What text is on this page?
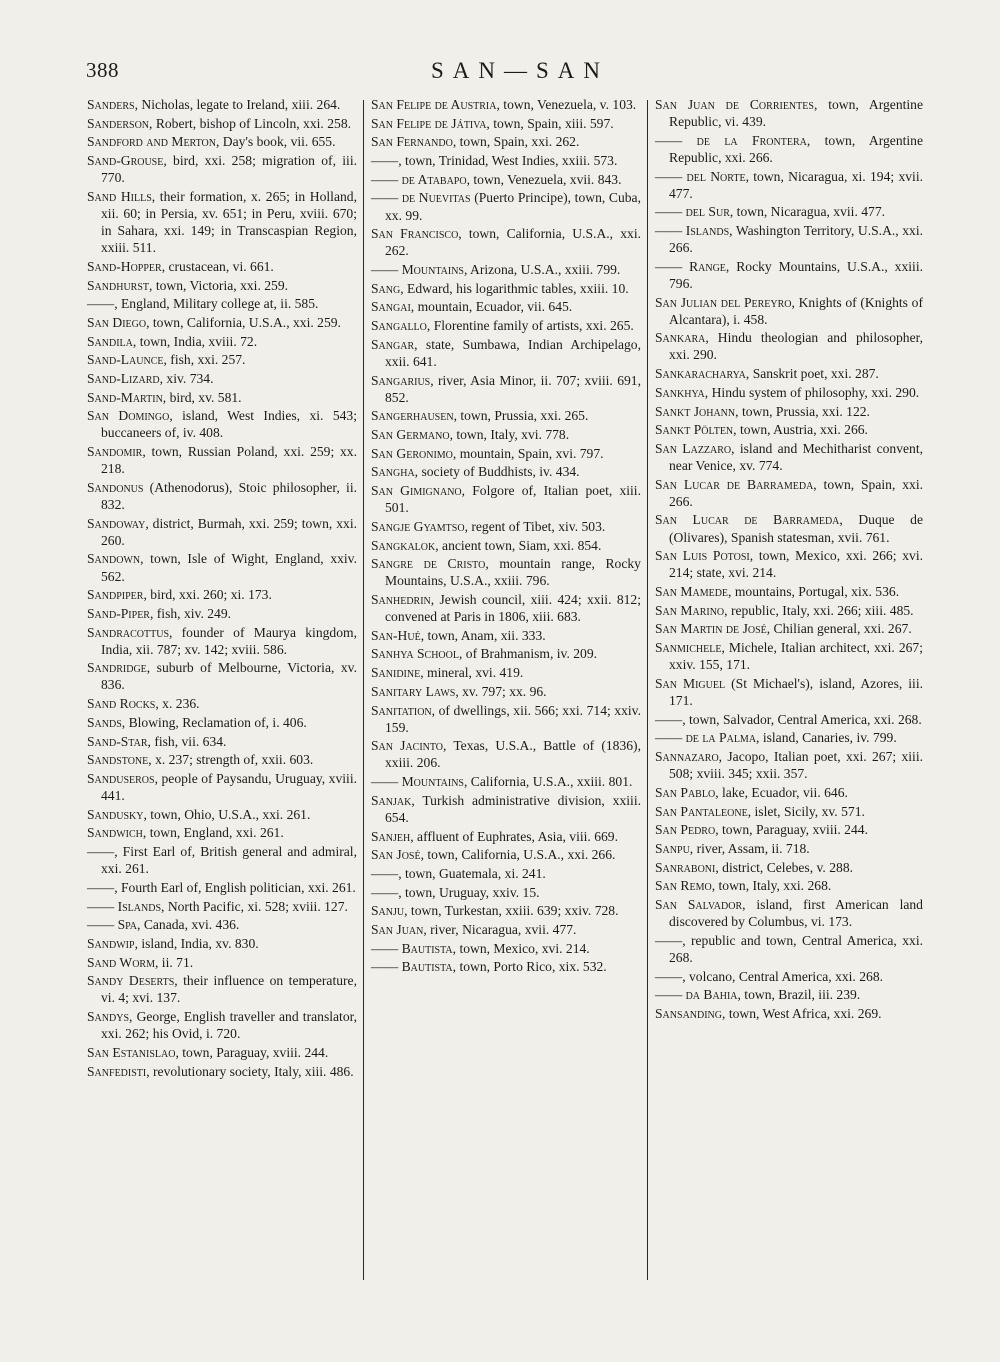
388	SAN—SAN

Sanders, Nicholas, legate to Ireland, xiii. 264.

Sanderson, Robert, bishop of Lincoln, xxi. 258.

Sandford and Merton, Day's book, vii. 655.

Sand-Grouse, bird, xxi. 258; migration of, iii. 770.

Sand Hills, their formation, x. 265; in Holland, xii. 60; in Persia, xv. 651; in Peru, xviii. 670; in Sahara, xxi. 149; in Transcaspian Region, xxiii. 511.

Sand-Hopper, crustacean, vi. 661.

Sandhurst, town, Victoria, xxi. 259.

——, England, Military college at, ii. 585.

San Diego, town, California, U.S.A., xxi. 259.

Sandila, town, India, xviii. 72.

Sand-Launce, fish, xxi. 257.

Sand-Lizard, xiv. 734.

Sand-Martin, bird, xv. 581.

San Domingo, island, West Indies, xi. 543; buccaneers of, iv. 408.

Sandomir, town, Russian Poland, xxi. 259; xx. 218.

Sandonus (Athenodorus), Stoic philosopher, ii. 832.

Sandoway, district, Burmah, xxi. 259; town, xxi. 260.

Sandown, town, Isle of Wight, England, xxiv. 562.

Sandpiper, bird, xxi. 260; xi. 173.

Sand-Piper, fish, xiv. 249.

Sandracottus, founder of Maurya kingdom, India, xii. 787; xv. 142; xviii. 586.

Sandridge, suburb of Melbourne, Victoria, xv. 836.

Sand Rocks, x. 236.

Sands, Blowing, Reclamation of, i. 406.

Sand-Star, fish, vii. 634.

Sandstone, x. 237; strength of, xxii. 603.

Sanduseros, people of Paysandu, Uruguay, xviii. 441.

Sandusky, town, Ohio, U.S.A., xxi. 261.

Sandwich, town, England, xxi. 261.

——, First Earl of, British general and admiral, xxi. 261.

——, Fourth Earl of, English politician, xxi. 261.

—— Islands, North Pacific, xi. 528; xviii. 127.

—— Spa, Canada, xvi. 436.

Sandwip, island, India, xv. 830.

Sand Worm, ii. 71.

Sandy Deserts, their influence on temperature, vi. 4; xvi. 137.

Sandys, George, English traveller and translator, xxi. 262; his Ovid, i. 720.

San Estanislao, town, Paraguay, xviii. 244.

Sanfedisti, revolutionary society, Italy, xiii. 486.

San Felipe de Austria, town, Venezuela, v. 103.

San Felipe de Játiva, town, Spain, xiii. 597.

San Fernando, town, Spain, xxi. 262.

——, town, Trinidad, West Indies, xxiii. 573.

—— de Atabapo, town, Venezuela, xvii. 843.

—— de Nuevitas (Puerto Principe), town, Cuba, xx. 99.

San Francisco, town, California, U.S.A., xxi. 262.

—— Mountains, Arizona, U.S.A., xxiii. 799.

Sang, Edward, his logarithmic tables, xxiii. 10.

Sangai, mountain, Ecuador, vii. 645.

Sangallo, Florentine family of artists, xxi. 265.

Sangar, state, Sumbawa, Indian Archipelago, xxii. 641.

Sangarius, river, Asia Minor, ii. 707; xviii. 691, 852.

Sangerhausen, town, Prussia, xxi. 265.

San Germano, town, Italy, xvi. 778.

San Geronimo, mountain, Spain, xvi. 797.

Sangha, society of Buddhists, iv. 434.

San Gimignano, Folgore of, Italian poet, xiii. 501.

Sangje Gyamtso, regent of Tibet, xiv. 503.

Sangkalok, ancient town, Siam, xxi. 854.

Sangre de Cristo, mountain range, Rocky Mountains, U.S.A., xxiii. 796.

Sanhedrin, Jewish council, xiii. 424; xxii. 812; convened at Paris in 1806, xiii. 683.

San-Hué, town, Anam, xii. 333.

Sanhya School, of Brahmanism, iv. 209.

Sanidine, mineral, xvi. 419.

Sanitary Laws, xv. 797; xx. 96.

Sanitation, of dwellings, xii. 566; xxi. 714; xxiv. 159.

San Jacinto, Texas, U.S.A., Battle of (1836), xxiii. 206.

—— Mountains, California, U.S.A., xxiii. 801.

Sanjak, Turkish administrative division, xxiii. 654.

Sanjeh, affluent of Euphrates, Asia, viii. 669.

San José, town, California, U.S.A., xxi. 266.

——, town, Guatemala, xi. 241.

——, town, Uruguay, xxiv. 15.

Sanju, town, Turkestan, xxiii. 639; xxiv. 728.

San Juan, river, Nicaragua, xvii. 477.

—— Bautista, town, Mexico, xvi. 214.

—— Bautista, town, Porto Rico, xix. 532.

San Juan de Corrientes, town, Argentine Republic, vi. 439.

—— de la Frontera, town, Argentine Republic, xxi. 266.

—— del Norte, town, Nicaragua, xi. 194; xvii. 477.

—— del Sur, town, Nicaragua, xvii. 477.

—— Islands, Washington Territory, U.S.A., xxi. 266.

—— Range, Rocky Mountains, U.S.A., xxiii. 796.

San Julian del Pereyro, Knights of (Knights of Alcantara), i. 458.

Sankara, Hindu theologian and philosopher, xxi. 290.

Sankaracharya, Sanskrit poet, xxi. 287.

Sankhya, Hindu system of philosophy, xxi. 290.

Sankt Johann, town, Prussia, xxi. 122.

Sankt Pölten, town, Austria, xxi. 266.

San Lazzaro, island and Mechitharist convent, near Venice, xv. 774.

San Lucar de Barrameda, town, Spain, xxi. 266.

San Lucar de Barrameda, Duque de (Olivares), Spanish statesman, xvii. 761.

San Luis Potosi, town, Mexico, xxi. 266; xvi. 214; state, xvi. 214.

San Mamede, mountains, Portugal, xix. 536.

San Marino, republic, Italy, xxi. 266; xiii. 485.

San Martin de José, Chilian general, xxi. 267.

Sanmichele, Michele, Italian architect, xxi. 267; xxiv. 155, 171.

San Miguel (St Michael's), island, Azores, iii. 171.

——, town, Salvador, Central America, xxi. 268.

—— de la Palma, island, Canaries, iv. 799.

Sannazaro, Jacopo, Italian poet, xxi. 267; xiii. 508; xviii. 345; xxii. 357.

San Pablo, lake, Ecuador, vii. 646.

San Pantaleone, islet, Sicily, xv. 571.

San Pedro, town, Paraguay, xviii. 244.

Sanpu, river, Assam, ii. 718.

Sanraboni, district, Celebes, v. 288.

San Remo, town, Italy, xxi. 268.

San Salvador, island, first American land discovered by Columbus, vi. 173.

——, republic and town, Central America, xxi. 268.

——, volcano, Central America, xxi. 268.

—— da Bahia, town, Brazil, iii. 239.

Sansanding, town, West Africa, xxi. 269.
